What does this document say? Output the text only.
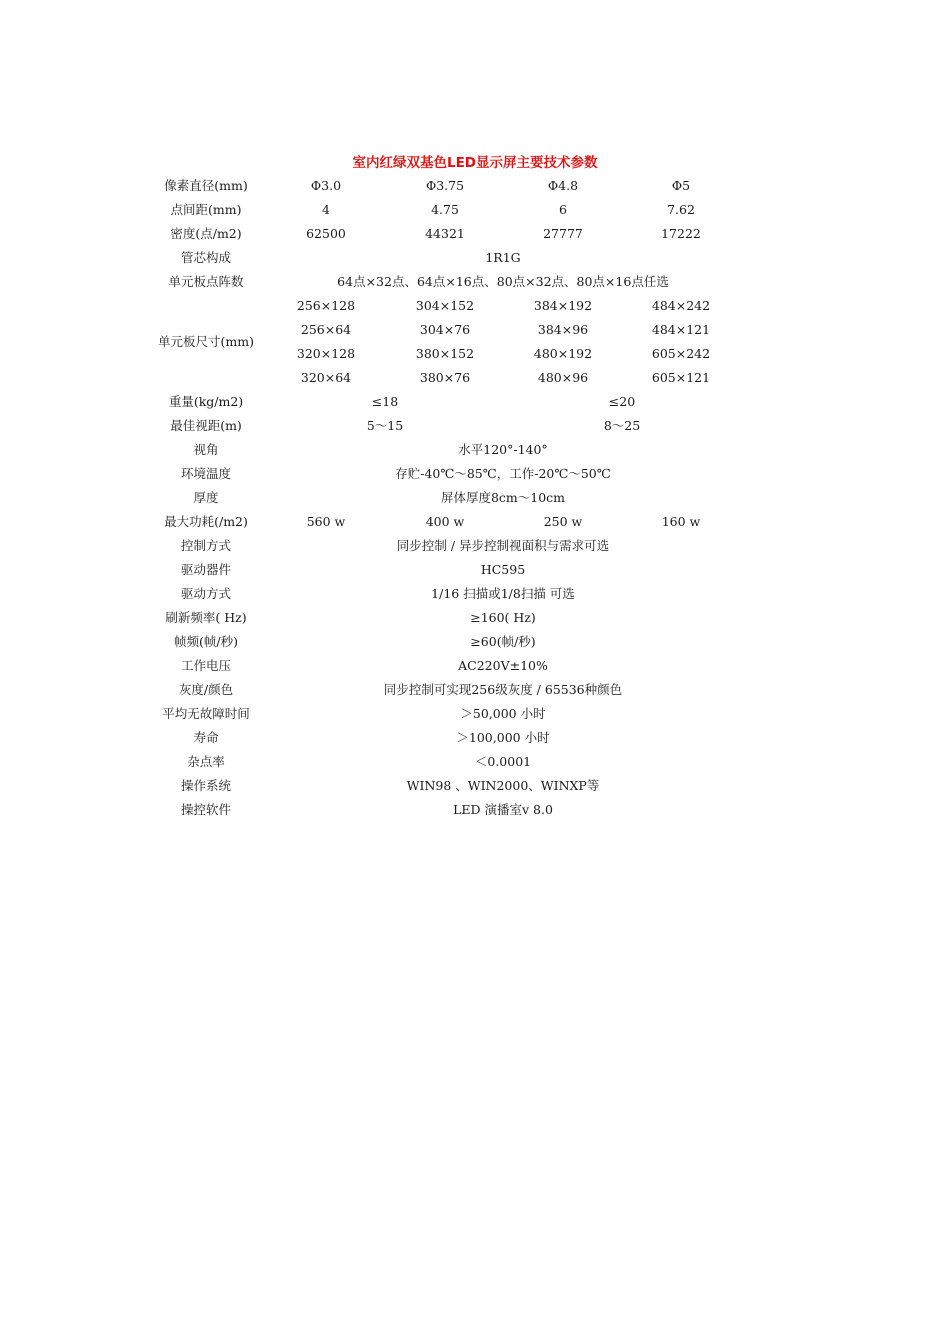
室内红绿双基色LED显示屏主要技术参数
像素直径(mm)	Φ3.0	Φ3.75	Φ4.8	Φ5
点间距(mm)	4	4.75	6	7.62
密度(点/m2)	62500	44321	27777	17222
管芯构成	1R1G
单元板点阵数	64点×32点、64点×16点、80点×32点、80点×16点任选
单元板尺寸(mm)
256×128	304×152	384×192	484×242
256×64	304×76	384×96	484×121
320×128	380×152	480×192	605×242
320×64	380×76	480×96	605×121
重量(kg/m2)	≤18	≤20
最佳视距(m)	5～15	8～25
视角	水平120°-140°
环境温度	存贮-40℃～85℃，工作-20℃～50℃
厚度	屏体厚度8cm～10cm
最大功耗(/m2)	560 w	400 w	250 w	160 w
控制方式	同步控制 / 异步控制视面积与需求可选
驱动器件	HC595
驱动方式	1/16 扫描或1/8扫描 可选
刷新频率( Hz)	≥160( Hz)
帧频(帧/秒)	≥60(帧/秒)
工作电压	AC220V±10%
灰度/颜色	同步控制可实现256级灰度 / 65536种颜色
平均无故障时间	＞50,000 小时
寿命	＞100,000 小时
杂点率	＜0.0001
操作系统	WIN98 、WIN2000、WINXP等
操控软件	LED 演播室v 8.0
